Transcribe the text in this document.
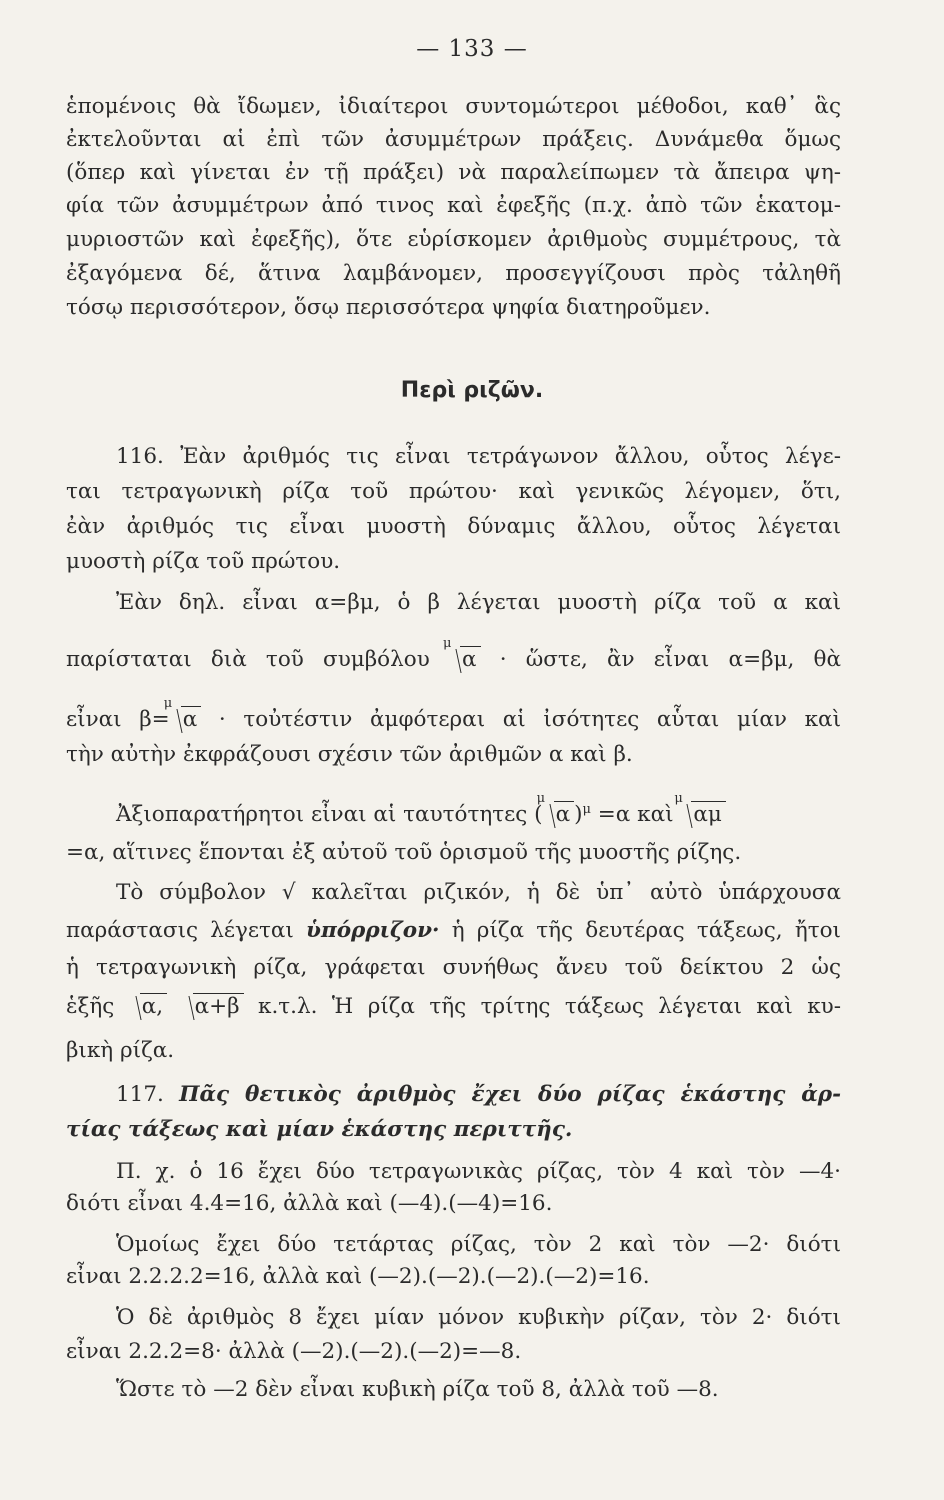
— 133 —
ἑπομένοις θὰ ἴδωμεν, ἰδιαίτεροι συντομώτεροι μέθοδοι, καθ᾽ ἃς
ἐκτελοῦνται αἱ ἐπὶ τῶν ἀσυμμέτρων πράξεις. Δυνάμεθα ὅμως
(ὅπερ καὶ γίνεται ἐν τῇ πράξει) νὰ παραλείπωμεν τὰ ἄπειρα ψη-
φία τῶν ἀσυμμέτρων ἀπό τινος καὶ ἐφεξῆς (π.χ. ἀπὸ τῶν ἑκατομ-
μυριοστῶν καὶ ἐφεξῆς), ὅτε εὑρίσκομεν ἀριθμοὺς συμμέτρους, τὰ
ἐξαγόμενα δέ, ἅτινα λαμβάνομεν, προσεγγίζουσι πρὸς τἀληθῆ
τόσῳ περισσότερον, ὅσῳ περισσότερα ψηφία διατηροῦμεν.
Περὶ ριζῶν.
116. Ἐὰν ἀριθμός τις εἶναι τετράγωνον ἄλλου, οὗτος λέγε-
ται τετραγωνικὴ ρίζα τοῦ πρώτου· καὶ γενικῶς λέγομεν, ὅτι,
ἐὰν ἀριθμός τις εἶναι μυοστὴ δύναμις ἄλλου, οὗτος λέγεται
μυοστὴ ρίζα τοῦ πρώτου.
Ἐὰν δηλ. εἶναι α=βμ, ὁ β λέγεται μυοστὴ ρίζα τοῦ α καὶ
παρίσταται διὰ τοῦ συμβόλου
μ
α · ὥστε, ἂν εἶναι α=βμ, θὰ
εἶναι β=
μ
α · τοὐτέστιν ἀμφότεραι αἱ ἰσότητες αὗται μίαν καὶ
τὴν αὐτὴν ἐκφράζουσι σχέσιν τῶν ἀριθμῶν α καὶ β.
Ἀξιοπαρατήρητοι εἶναι αἱ ταυτότητες (
μ
α )$^\mu$ =α καὶ
μ
αμ
=α, αἵτινες ἕπονται ἐξ αὐτοῦ τοῦ ὁρισμοῦ τῆς μυοστῆς ρίζης.
Τὸ σύμβολον √ καλεῖται ριζικόν, ἡ δὲ ὑπ᾽ αὐτὸ ὑπάρχουσα
παράστασις λέγεται ὑπόρριζον· ἡ ρίζα τῆς δευτέρας τάξεως, ἤτοι
ἡ τετραγωνικὴ ρίζα, γράφεται συνήθως ἄνευ τοῦ δείκτου 2 ὡς
ἑξῆς α, α+β κ.τ.λ. Ἡ ρίζα τῆς τρίτης τάξεως λέγεται καὶ κυ-
βικὴ ρίζα.
117. Πᾶς θετικὸς ἀριθμὸς ἔχει δύο ρίζας ἑκάστης ἀρ-
τίας τάξεως καὶ μίαν ἑκάστης περιττῆς.
Π. χ. ὁ 16 ἔχει δύο τετραγωνικὰς ρίζας, τὸν 4 καὶ τὸν —4·
διότι εἶναι 4.4=16, ἀλλὰ καὶ (—4).(—4)=16.
Ὁμοίως ἔχει δύο τετάρτας ρίζας, τὸν 2 καὶ τὸν —2· διότι
εἶναι 2.2.2.2=16, ἀλλὰ καὶ (—2).(—2).(—2).(—2)=16.
Ὁ δὲ ἀριθμὸς 8 ἔχει μίαν μόνον κυβικὴν ρίζαν, τὸν 2· διότι
εἶναι 2.2.2=8· ἀλλὰ (—2).(—2).(—2)=—8.
Ὥστε τὸ —2 δὲν εἶναι κυβικὴ ρίζα τοῦ 8, ἀλλὰ τοῦ —8.
